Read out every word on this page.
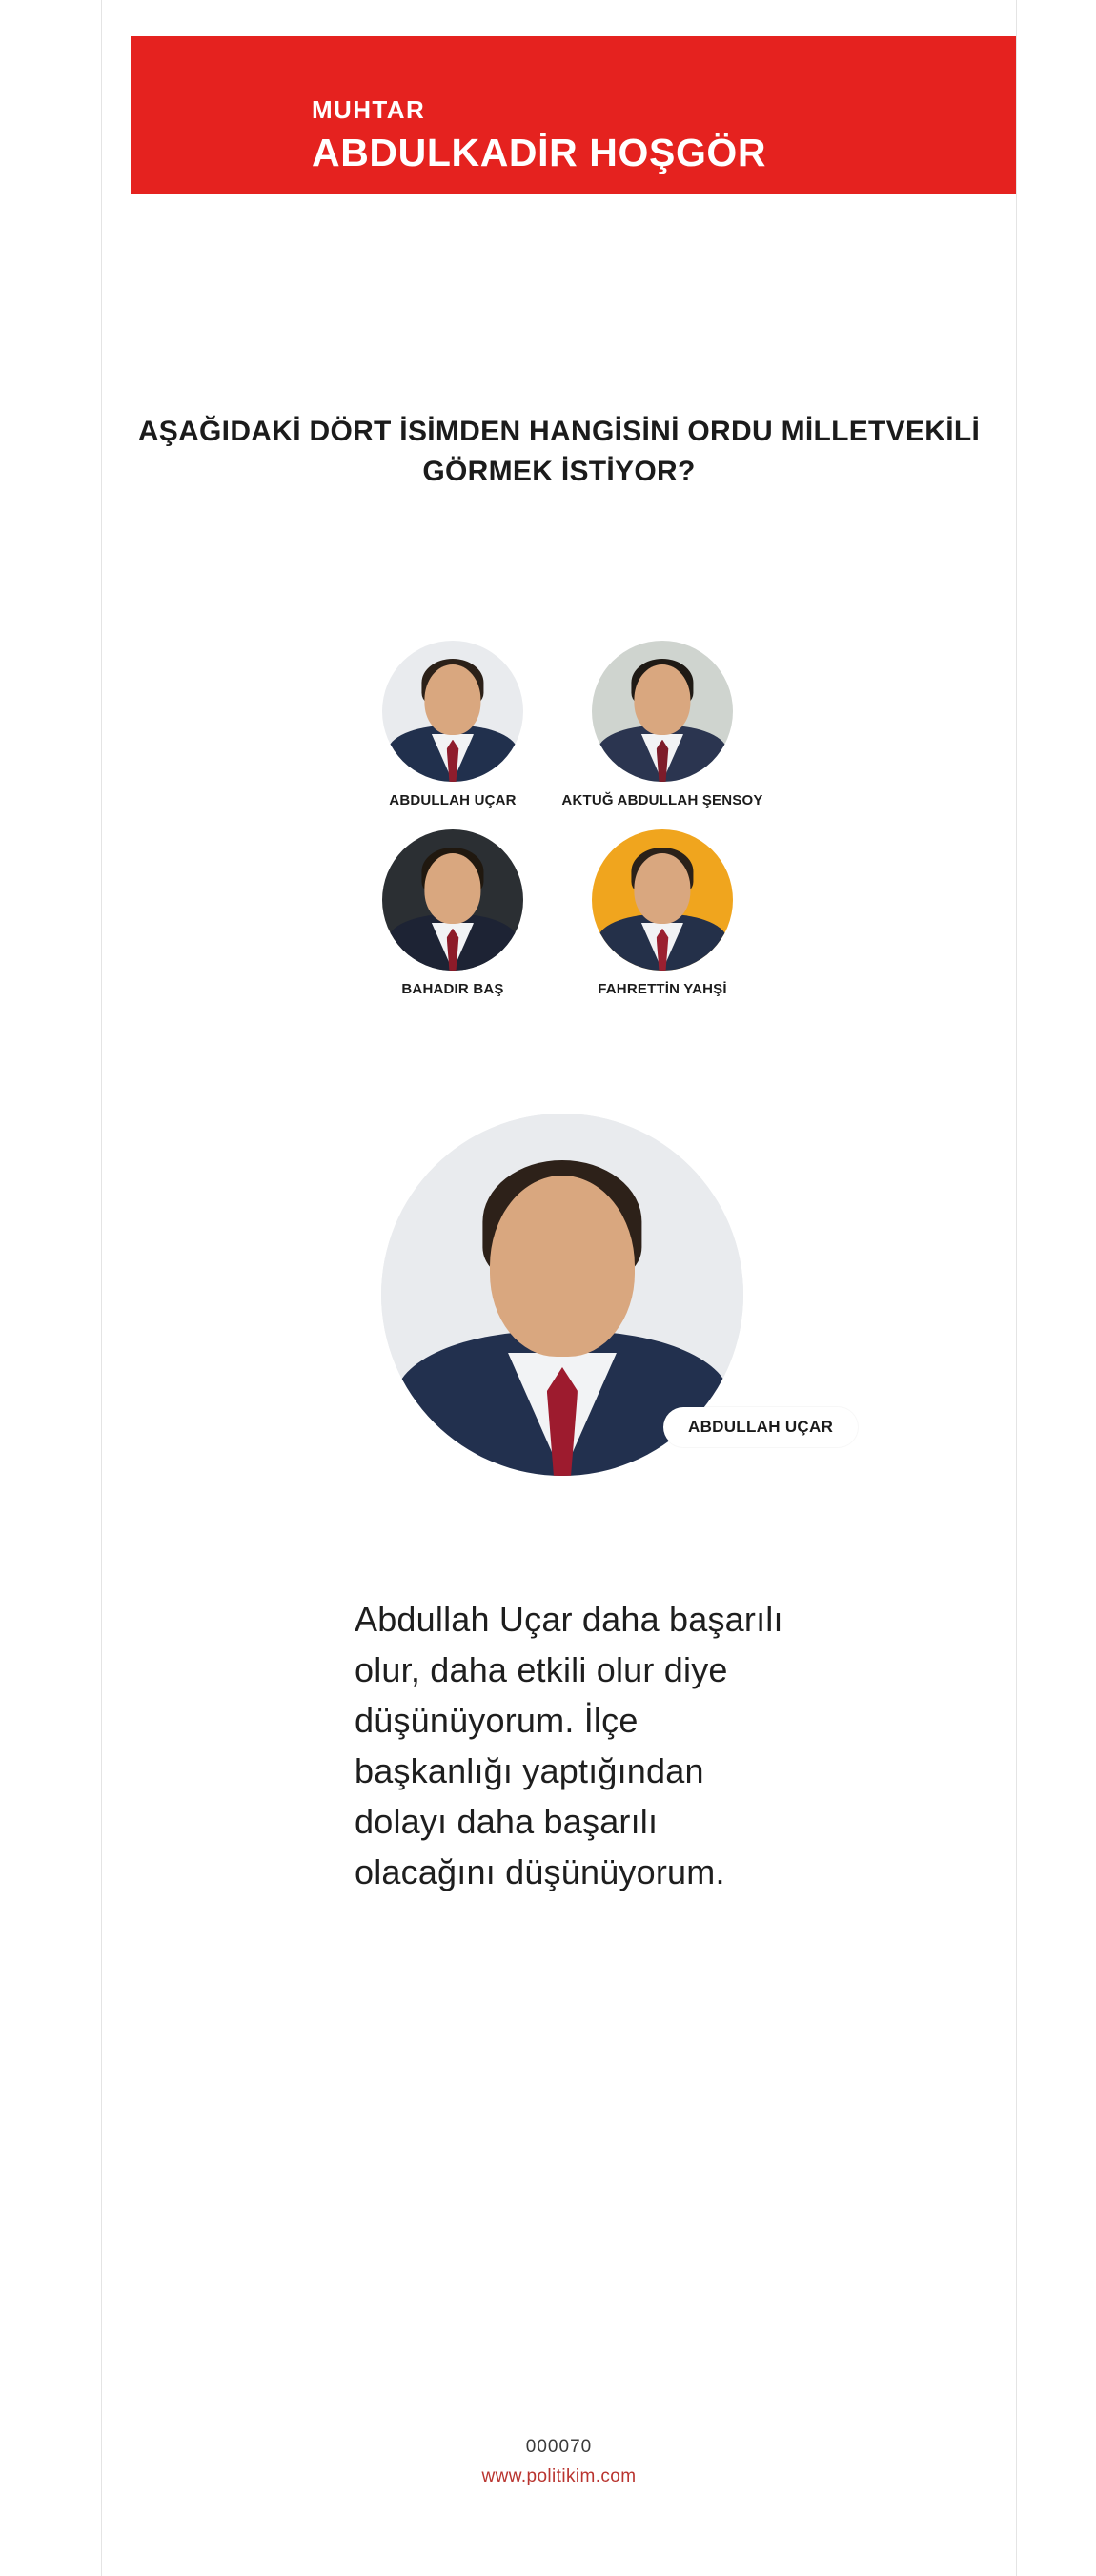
MUHTAR
ABDULKADİR HOŞGÖR
AŞAĞIDAKİ DÖRT İSİMDEN HANGİSİNİ ORDU MİLLETVEKİLİ GÖRMEK İSTİYOR?
ABDULLAH UÇAR	AKTUĞ ABDULLAH ŞENSOY
BAHADIR BAŞ	FAHRETTİN YAHŞİ
ABDULLAH UÇAR
Abdullah Uçar daha başarılı olur, daha etkili olur diye düşünüyorum. İlçe başkanlığı yaptığından dolayı daha başarılı olacağını düşünüyorum.
000070
www.politikim.com
